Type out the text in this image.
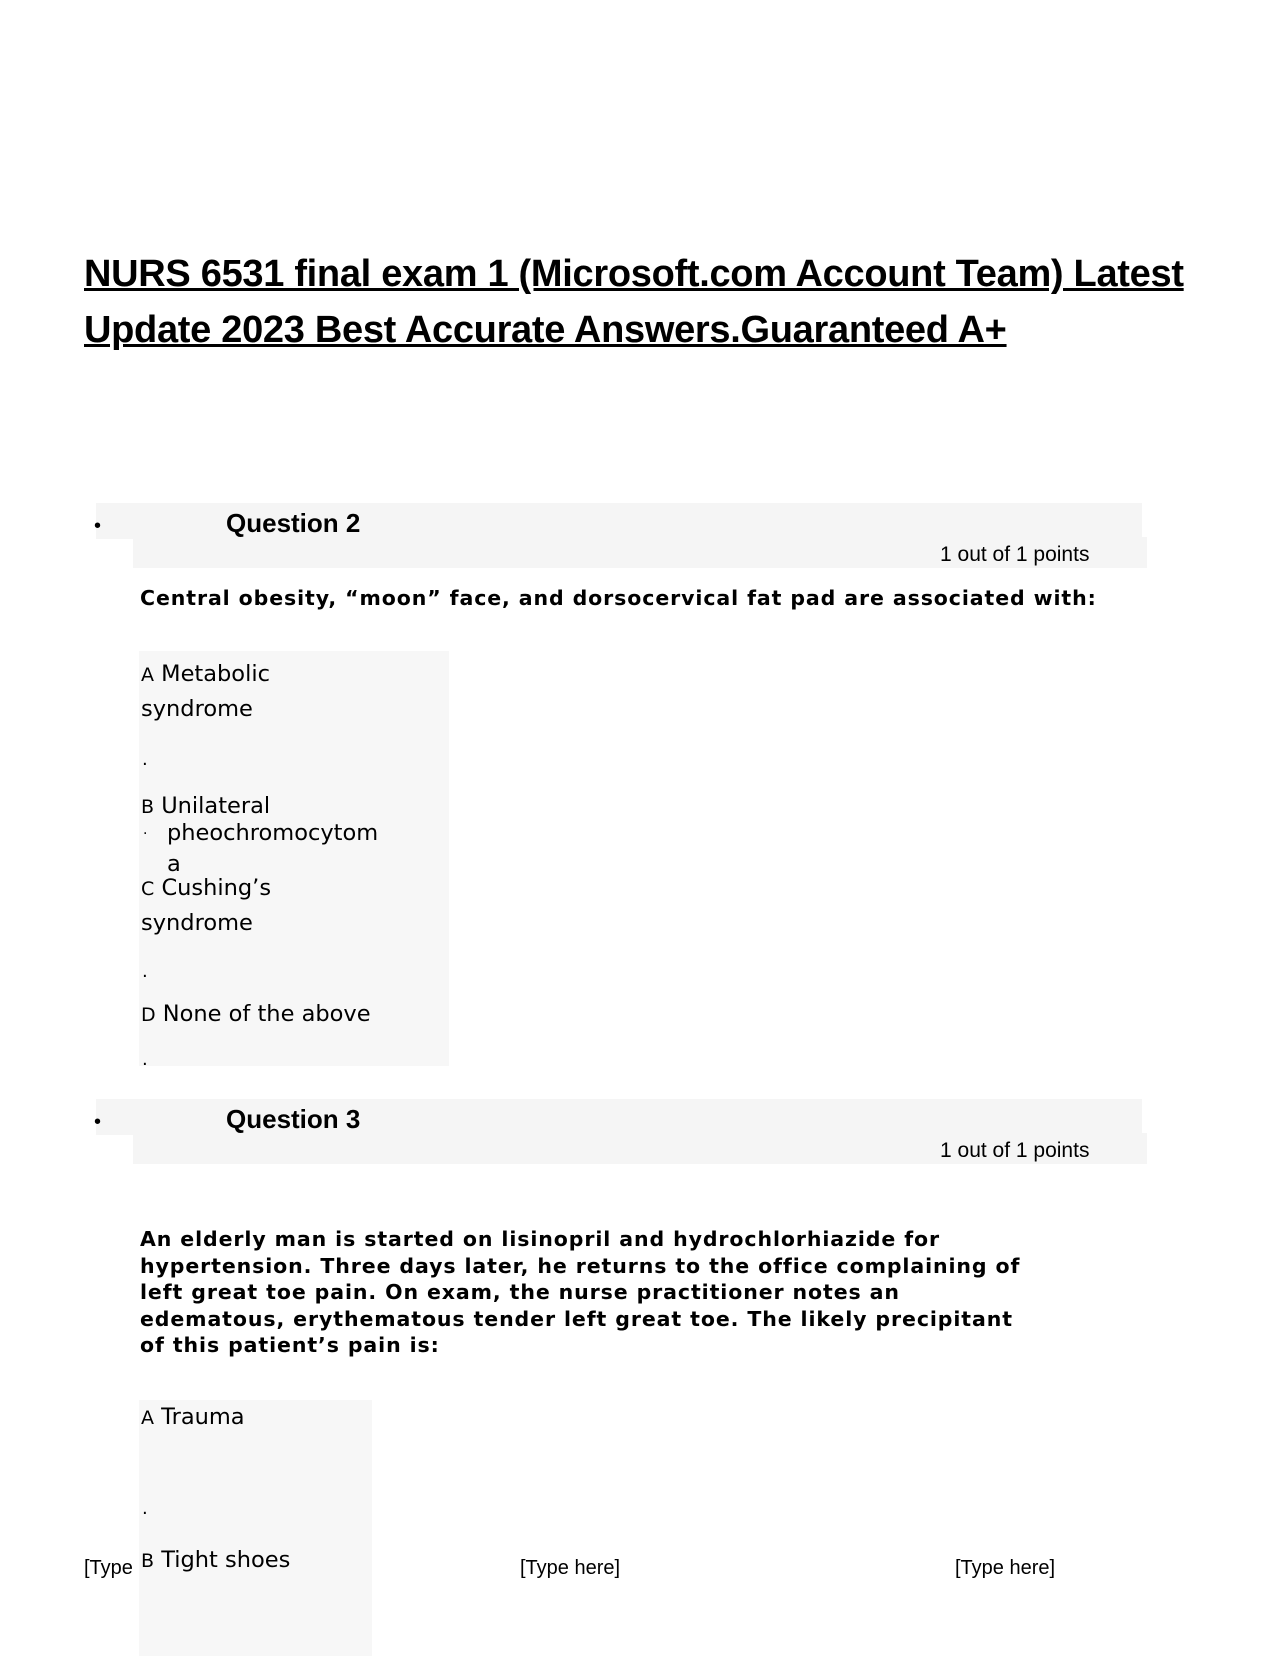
NURS 6531 final exam 1 (Microsoft.com Account Team) Latest Update 2023 Best Accurate Answers.Guaranteed A+
•	Question 2
1 out of 1 points
Central obesity, “moon” face, and dorsocervical fat pad are associated with:
A Metabolic
syndrome
.
B Unilateral
. pheochromocytom
a
C Cushing’s
syndrome
.
D None of the above
.
•	Question 3
1 out of 1 points
An elderly man is started on lisinopril and hydrochlorhiazide for
hypertension. Three days later, he returns to the office complaining of
left great toe pain. On exam, the nurse practitioner notes an
edematous, erythematous tender left great toe. The likely precipitant
of this patient’s pain is:
A Trauma
.
B Tight shoes
[Type	[Type here]	[Type here]
